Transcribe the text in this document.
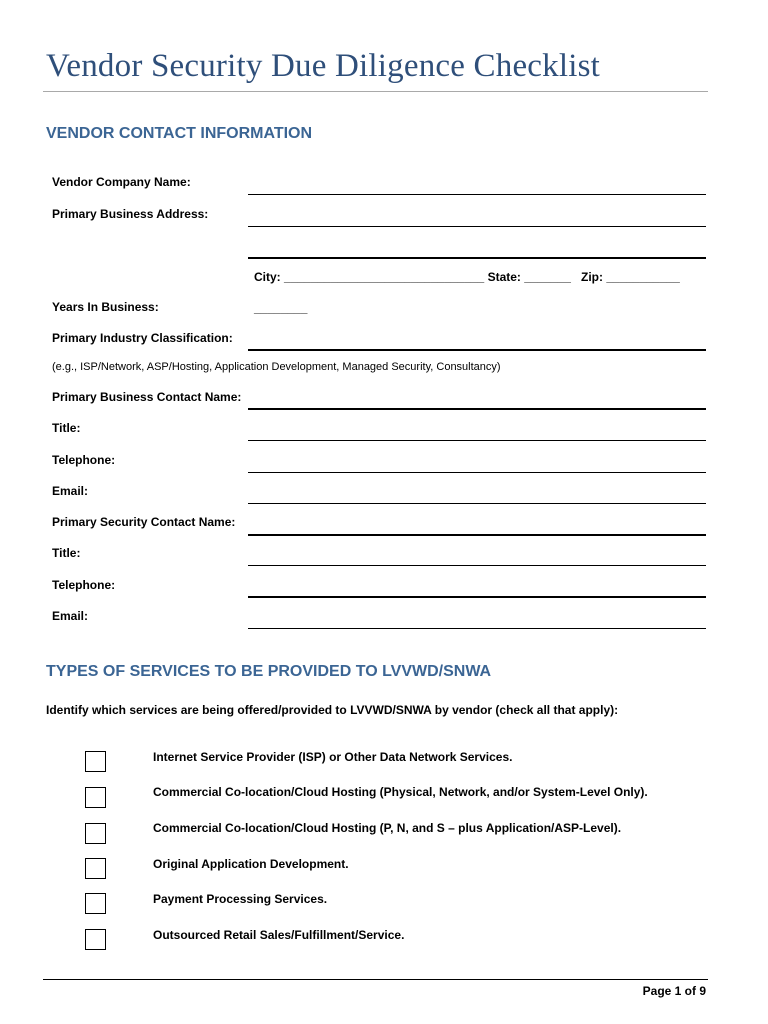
Vendor Security Due Diligence Checklist
VENDOR CONTACT INFORMATION
Vendor Company Name:
Primary Business Address:
City: ______________________________ State: _______ Zip: ___________
Years In Business:	________
Primary Industry Classification:
(e.g., ISP/Network, ASP/Hosting, Application Development, Managed Security, Consultancy)
Primary Business Contact Name:
Title:
Telephone:
Email:
Primary Security Contact Name:
Title:
Telephone:
Email:
TYPES OF SERVICES TO BE PROVIDED TO LVVWD/SNWA
Identify which services are being offered/provided to LVVWD/SNWA by vendor (check all that apply):
Internet Service Provider (ISP) or Other Data Network Services.
Commercial Co-location/Cloud Hosting (Physical, Network, and/or System-Level Only).
Commercial Co-location/Cloud Hosting (P, N, and S – plus Application/ASP-Level).
Original Application Development.
Payment Processing Services.
Outsourced Retail Sales/Fulfillment/Service.
Page 1 of 9
